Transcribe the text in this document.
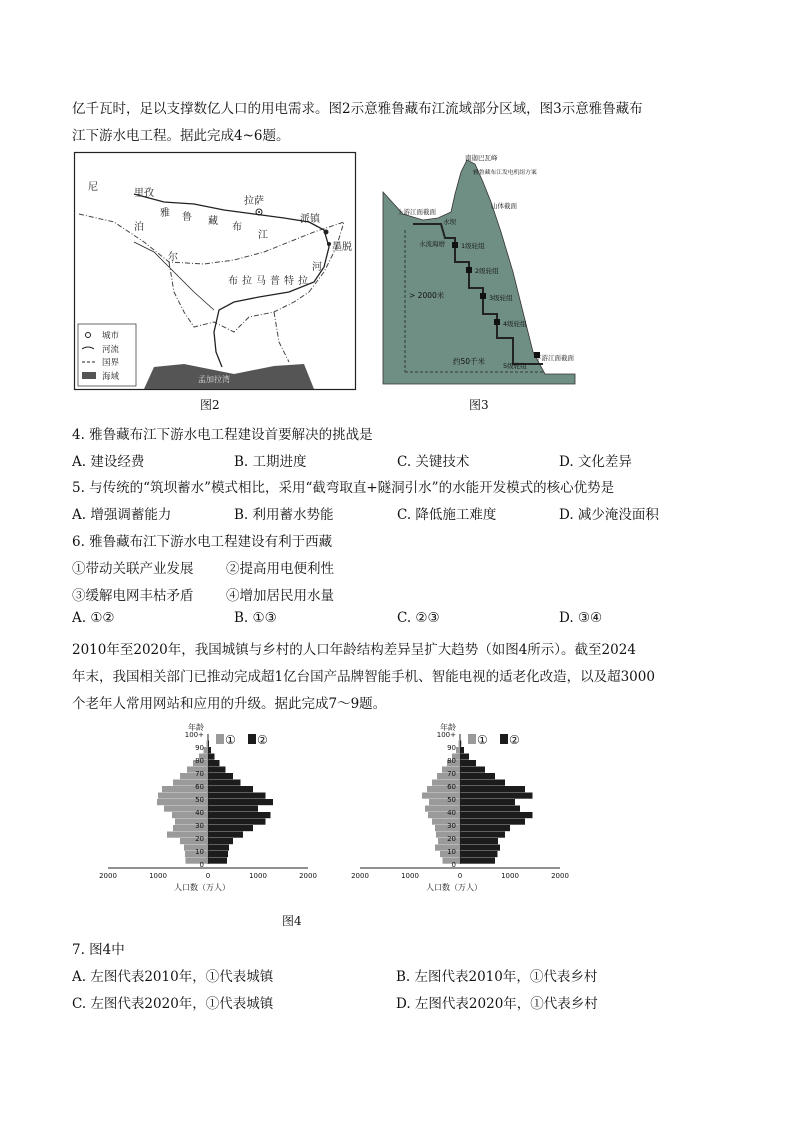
亿千瓦时，足以支撑数亿人口的用电需求。图2示意雅鲁藏布江流域部分区域，图3示意雅鲁藏布
江下游水电工程。据此完成4~6题。
尼
里孜
雅 鲁 藏
布
江
泊
尔
拉萨
派镇
墨脱
布 拉 马 普 特 拉
河
孟加拉湾
城市
河流
国界
海域
图2
南迦巴瓦峰
雅鲁藏布江发电机组方案
山体截面
上游江面截面
水坝
水流海磨 1级轮组
2级轮组
3级轮组
4级轮组
5级轮组
下游江面截面
> 2000米
约50千米
图3
4. 雅鲁藏布江下游水电工程建设首要解决的挑战是
A. 建设经费	B. 工期进度	C. 关键技术	D. 文化差异
5. 与传统的“筑坝蓄水”模式相比，采用“截弯取直+隧洞引水”的水能开发模式的核心优势是
A. 增强调蓄能力	B. 利用蓄水势能	C. 降低施工难度	D. 减少淹没面积
6. 雅鲁藏布江下游水电工程建设有利于西藏
①带动关联产业发展 ②提高用电便利性
③缓解电网丰枯矛盾 ④增加居民用水量
A. ①②	B. ①③	C. ②③	D. ③④
2010年至2020年，我国城镇与乡村的人口年龄结构差异呈扩大趋势（如图4所示）。截至2024
年末，我国相关部门已推动完成超1亿台国产品牌智能手机、智能电视的适老化改造，以及超3000
个老年人常用网站和应用的升级。据此完成7～9题。
100+
90
80
70
60
50
40
30
20
10
0
年龄
① ②
2000	1000	0	1000	2000
人口数（万人）
100+
90
80
70
60
50
40
30
20
10
0
年龄
① ②
2000	1000	0	1000	2000
人口数（万人）
图4
7. 图4中
A. 左图代表2010年，①代表城镇	B. 左图代表2010年，①代表乡村
C. 左图代表2020年，①代表城镇	D. 左图代表2020年，①代表乡村
